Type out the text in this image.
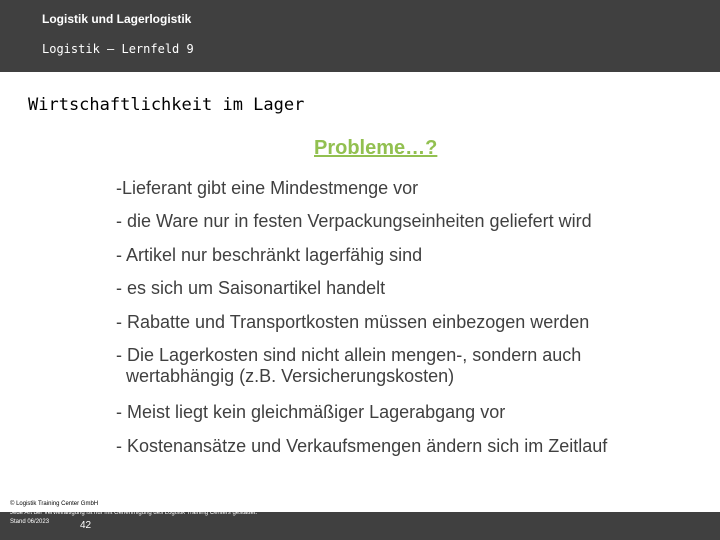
Logistik und Lagerlogistik
Logistik – Lernfeld 9
Wirtschaftlichkeit im Lager
Probleme…?
-Lieferant gibt eine Mindestmenge vor
- die Ware nur in festen Verpackungseinheiten geliefert wird
- Artikel nur beschränkt lagerfähig sind
- es sich um Saisonartikel handelt
- Rabatte und Transportkosten müssen einbezogen werden
- Die Lagerkosten sind nicht allein mengen-, sondern auch
wertabhängig (z.B. Versicherungskosten)
- Meist liegt kein gleichmäßiger Lagerabgang vor
- Kostenansätze und Verkaufsmengen ändern sich im Zeitlauf
© Logistik Training Center GmbH
Jede Art der Vervielfältigung ist nur mit Genehmigung des Logistik Training Centers gestattet.
Stand 06/2023	42
